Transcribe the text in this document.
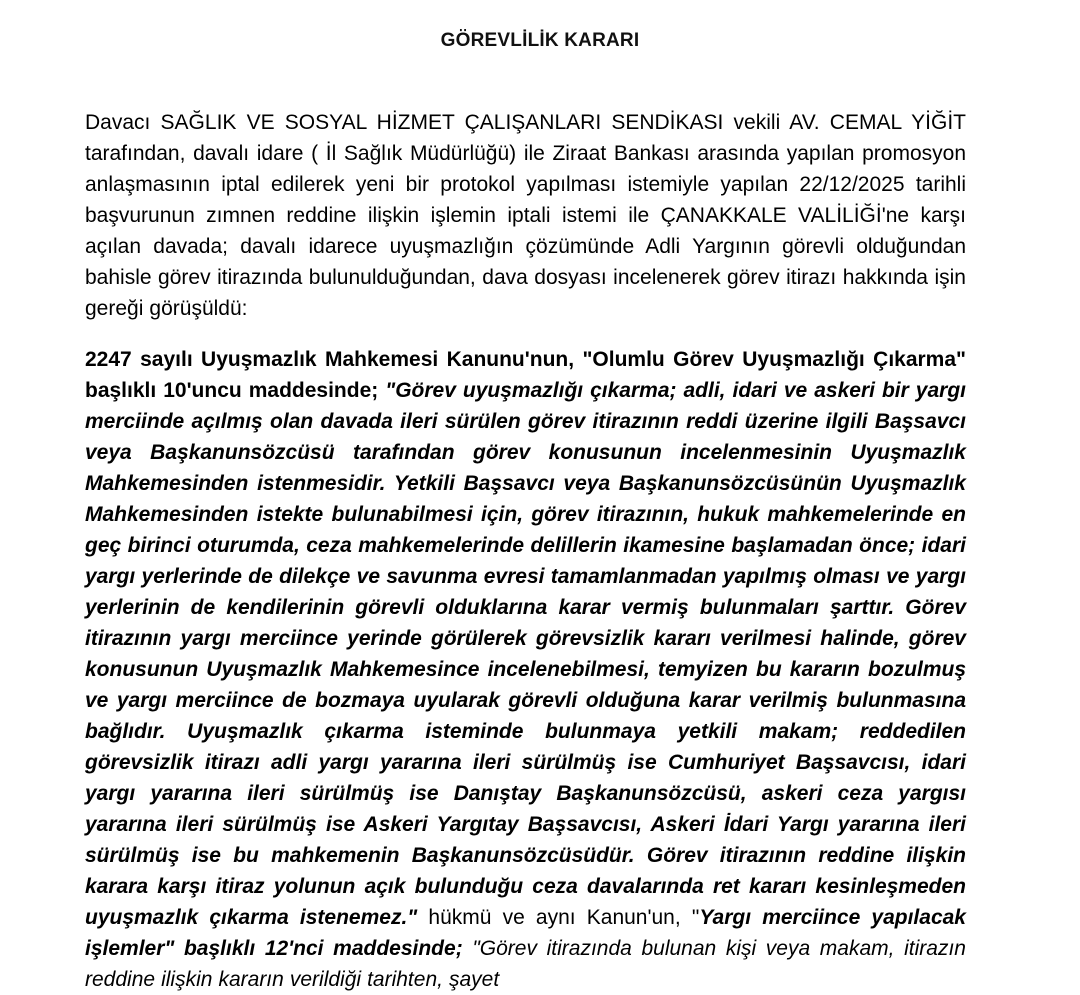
GÖREVLİLİK KARARI

Davacı SAĞLIK VE SOSYAL HİZMET ÇALIŞANLARI SENDİKASI vekili AV. CEMAL YİĞİT tarafından, davalı idare ( İl Sağlık Müdürlüğü) ile Ziraat Bankası arasında yapılan promosyon anlaşmasının iptal edilerek yeni bir protokol yapılması istemiyle yapılan 22/12/2025 tarihli başvurunun zımnen reddine ilişkin işlemin iptali istemi ile ÇANAKKALE VALİLİĞİ'ne karşı açılan davada; davalı idarece uyuşmazlığın çözümünde Adli Yargının görevli olduğundan bahisle görev itirazında bulunulduğundan, dava dosyası incelenerek görev itirazı hakkında işin gereği görüşüldü:

2247 sayılı Uyuşmazlık Mahkemesi Kanunu'nun, "Olumlu Görev Uyuşmazlığı Çıkarma" başlıklı 10'uncu maddesinde; "Görev uyuşmazlığı çıkarma; adli, idari ve askeri bir yargı merciinde açılmış olan davada ileri sürülen görev itirazının reddi üzerine ilgili Başsavcı veya Başkanunsözcüsü tarafından görev konusunun incelenmesinin Uyuşmazlık Mahkemesinden istenmesidir. Yetkili Başsavcı veya Başkanunsözcüsünün Uyuşmazlık Mahkemesinden istekte bulunabilmesi için, görev itirazının, hukuk mahkemelerinde en geç birinci oturumda, ceza mahkemelerinde delillerin ikamesine başlamadan önce; idari yargı yerlerinde de dilekçe ve savunma evresi tamamlanmadan yapılmış olması ve yargı yerlerinin de kendilerinin görevli olduklarına karar vermiş bulunmaları şarttır. Görev itirazının yargı merciince yerinde görülerek görevsizlik kararı verilmesi halinde, görev konusunun Uyuşmazlık Mahkemesince incelenebilmesi, temyizen bu kararın bozulmuş ve yargı merciince de bozmaya uyularak görevli olduğuna karar verilmiş bulunmasına bağlıdır. Uyuşmazlık çıkarma isteminde bulunmaya yetkili makam; reddedilen görevsizlik itirazı adli yargı yararına ileri sürülmüş ise Cumhuriyet Başsavcısı, idari yargı yararına ileri sürülmüş ise Danıştay Başkanunsözcüsü, askeri ceza yargısı yararına ileri sürülmüş ise Askeri Yargıtay Başsavcısı, Askeri İdari Yargı yararına ileri sürülmüş ise bu mahkemenin Başkanunsözcüsüdür. Görev itirazının reddine ilişkin karara karşı itiraz yolunun açık bulunduğu ceza davalarında ret kararı kesinleşmeden uyuşmazlık çıkarma istenemez." hükmü ve aynı Kanun'un, "Yargı merciince yapılacak işlemler" başlıklı 12'nci maddesinde; "Görev itirazında bulunan kişi veya makam, itirazın reddine ilişkin kararın verildiği tarihten, şayet
